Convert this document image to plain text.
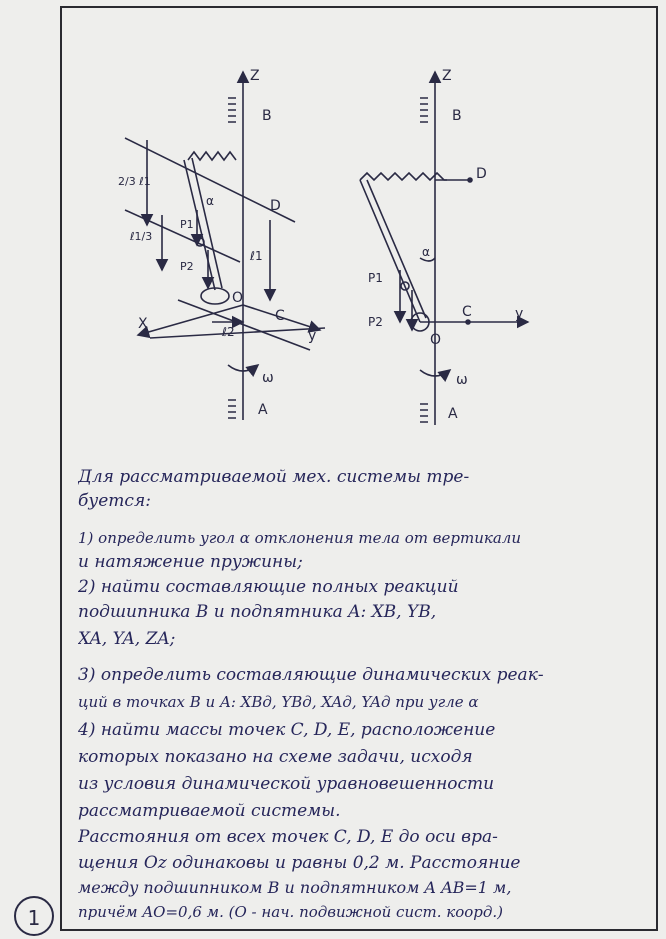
Z
B
D
O
C
X
y
ω
A
2/3 ℓ1
ℓ1/3
ℓ1
ℓ2
α
P1
P2
Z
B
D
O
C	y
ω
A
α
P1
P2
Для рассматриваемой мех. системы тре-
буется:
1) определить угол α отклонения тела от вертикали
и натяжение пружины;
2) найти составляющие полных реакций
подшипника B и подпятника A: XB, YB,
XA, YA, ZA;
3) определить составляющие динамических реак-
ций в точках B и A: XBд, YBд, XAд, YAд при угле α
4) найти массы точек C, D, E, расположение
которых показано на схеме задачи, исходя
из условия динамической уравновешенности
рассматриваемой системы.
Расстояния от всех точек C, D, E до оси вра-
щения Oz одинаковы и равны 0,2 м. Расстояние
между подшипником B и подпятником A AB=1 м,
причём AO=0,6 м. (O - нач. подвижной сист. коорд.)
1
